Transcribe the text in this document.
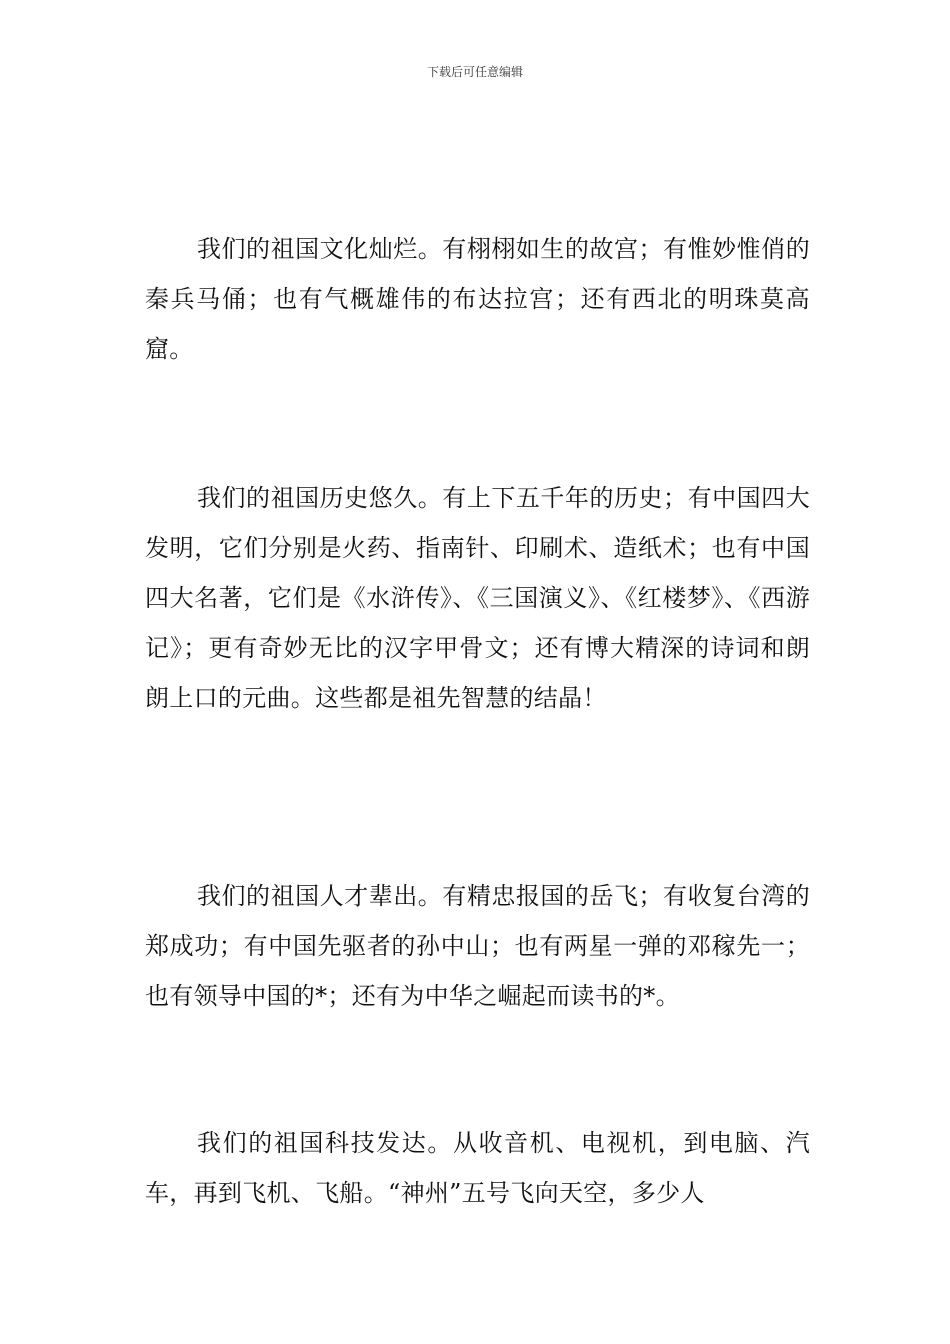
下载后可任意编辑

我们的祖国文化灿烂。有栩栩如生的故宫；有惟妙惟俏的秦兵马俑；也有气概雄伟的布达拉宫；还有西北的明珠莫高窟。

我们的祖国历史悠久。有上下五千年的历史；有中国四大发明，它们分别是火药、指南针、印刷术、造纸术；也有中国四大名著，它们是《水浒传》、《三国演义》、《红楼梦》、《西游记》；更有奇妙无比的汉字甲骨文；还有博大精深的诗词和朗朗上口的元曲。这些都是祖先智慧的结晶！

我们的祖国人才辈出。有精忠报国的岳飞；有收复台湾的郑成功；有中国先驱者的孙中山；也有两星一弹的邓稼先一；也有领导中国的*；还有为中华之崛起而读书的*。

我们的祖国科技发达。从收音机、电视机，到电脑、汽车，再到飞机、飞船。“神州”五号飞向天空，多少人
